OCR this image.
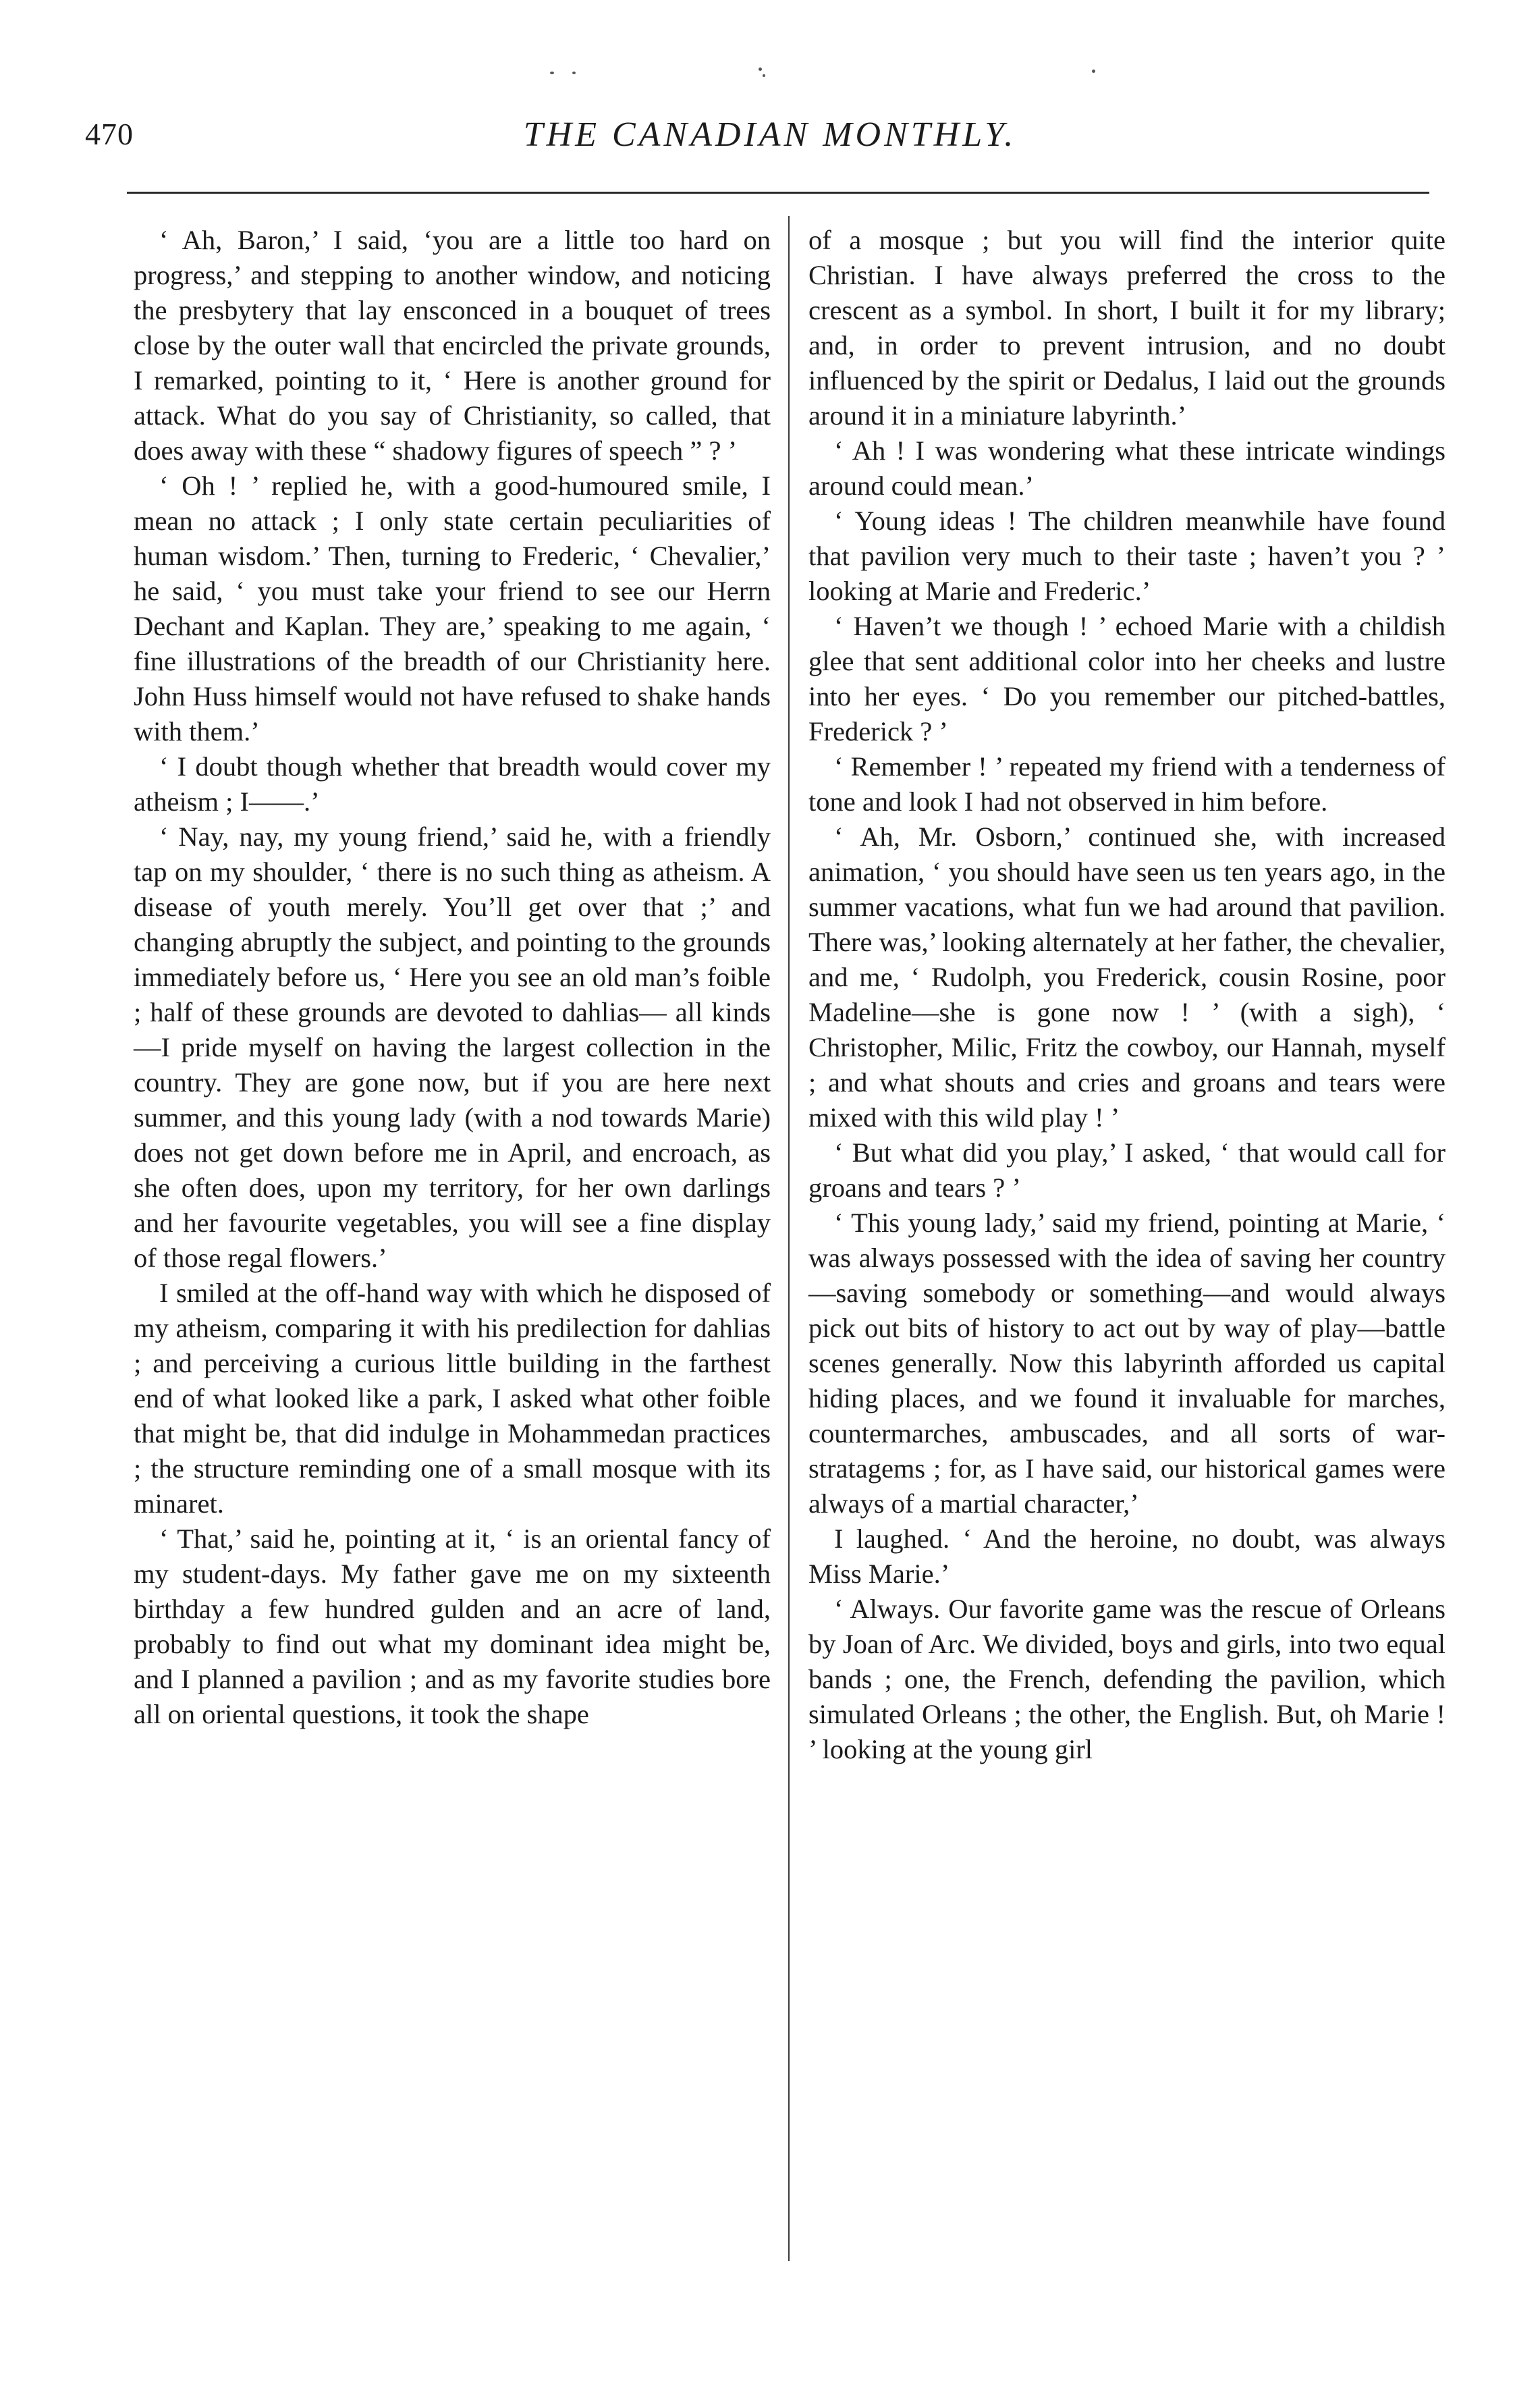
470	THE CANADIAN MONTHLY.

‘ Ah, Baron,’ I said, ‘you are a little too hard on progress,’ and stepping to another window, and noticing the presbytery that lay ensconced in a bouquet of trees close by the outer wall that encircled the private grounds, I remarked, pointing to it, ‘ Here is another ground for attack. What do you say of Christianity, so called, that does away with these “ shadowy figures of speech ” ? ’

‘ Oh ! ’ replied he, with a good-humoured smile, I mean no attack ; I only state certain peculiarities of human wisdom.’ Then, turning to Frederic, ‘ Chevalier,’ he said, ‘ you must take your friend to see our Herrn Dechant and Kaplan. They are,’ speaking to me again, ‘ fine illustrations of the breadth of our Christianity here. John Huss himself would not have refused to shake hands with them.’

‘ I doubt though whether that breadth would cover my atheism ; I——.’

‘ Nay, nay, my young friend,’ said he, with a friendly tap on my shoulder, ‘ there is no such thing as atheism. A disease of youth merely. You’ll get over that ;’ and changing abruptly the subject, and pointing to the grounds immediately before us, ‘ Here you see an old man’s foible ; half of these grounds are devoted to dahlias— all kinds—I pride myself on having the largest collection in the country. They are gone now, but if you are here next summer, and this young lady (with a nod towards Marie) does not get down before me in April, and encroach, as she often does, upon my territory, for her own darlings and her favourite vegetables, you will see a fine display of those regal flowers.’

I smiled at the off-hand way with which he disposed of my atheism, comparing it with his predilection for dahlias ; and perceiving a curious little building in the farthest end of what looked like a park, I asked what other foible that might be, that did indulge in Mohammedan practices ; the structure reminding one of a small mosque with its minaret.

‘ That,’ said he, pointing at it, ‘ is an oriental fancy of my student-days. My father gave me on my sixteenth birthday a few hundred gulden and an acre of land, probably to find out what my dominant idea might be, and I planned a pavilion ; and as my favorite studies bore all on oriental questions, it took the shape

of a mosque ; but you will find the interior quite Christian. I have always preferred the cross to the crescent as a symbol. In short, I built it for my library; and, in order to prevent intrusion, and no doubt influenced by the spirit or Dedalus, I laid out the grounds around it in a miniature labyrinth.’

‘ Ah ! I was wondering what these intricate windings around could mean.’

‘ Young ideas ! The children meanwhile have found that pavilion very much to their taste ; haven’t you ? ’ looking at Marie and Frederic.’

‘ Haven’t we though ! ’ echoed Marie with a childish glee that sent additional color into her cheeks and lustre into her eyes. ‘ Do you remember our pitched-battles, Frederick ? ’

‘ Remember ! ’ repeated my friend with a tenderness of tone and look I had not observed in him before.

‘ Ah, Mr. Osborn,’ continued she, with increased animation, ‘ you should have seen us ten years ago, in the summer vacations, what fun we had around that pavilion. There was,’ looking alternately at her father, the chevalier, and me, ‘ Rudolph, you Frederick, cousin Rosine, poor Madeline—she is gone now ! ’ (with a sigh), ‘ Christopher, Milic, Fritz the cowboy, our Hannah, myself ; and what shouts and cries and groans and tears were mixed with this wild play ! ’

‘ But what did you play,’ I asked, ‘ that would call for groans and tears ? ’

‘ This young lady,’ said my friend, pointing at Marie, ‘ was always possessed with the idea of saving her country—saving somebody or something—and would always pick out bits of history to act out by way of play—battle scenes generally. Now this labyrinth afforded us capital hiding places, and we found it invaluable for marches, countermarches, ambuscades, and all sorts of war-stratagems ; for, as I have said, our historical games were always of a martial character,’

I laughed. ‘ And the heroine, no doubt, was always Miss Marie.’

‘ Always. Our favorite game was the rescue of Orleans by Joan of Arc. We divided, boys and girls, into two equal bands ; one, the French, defending the pavilion, which simulated Orleans ; the other, the English. But, oh Marie ! ’ looking at the young girl
